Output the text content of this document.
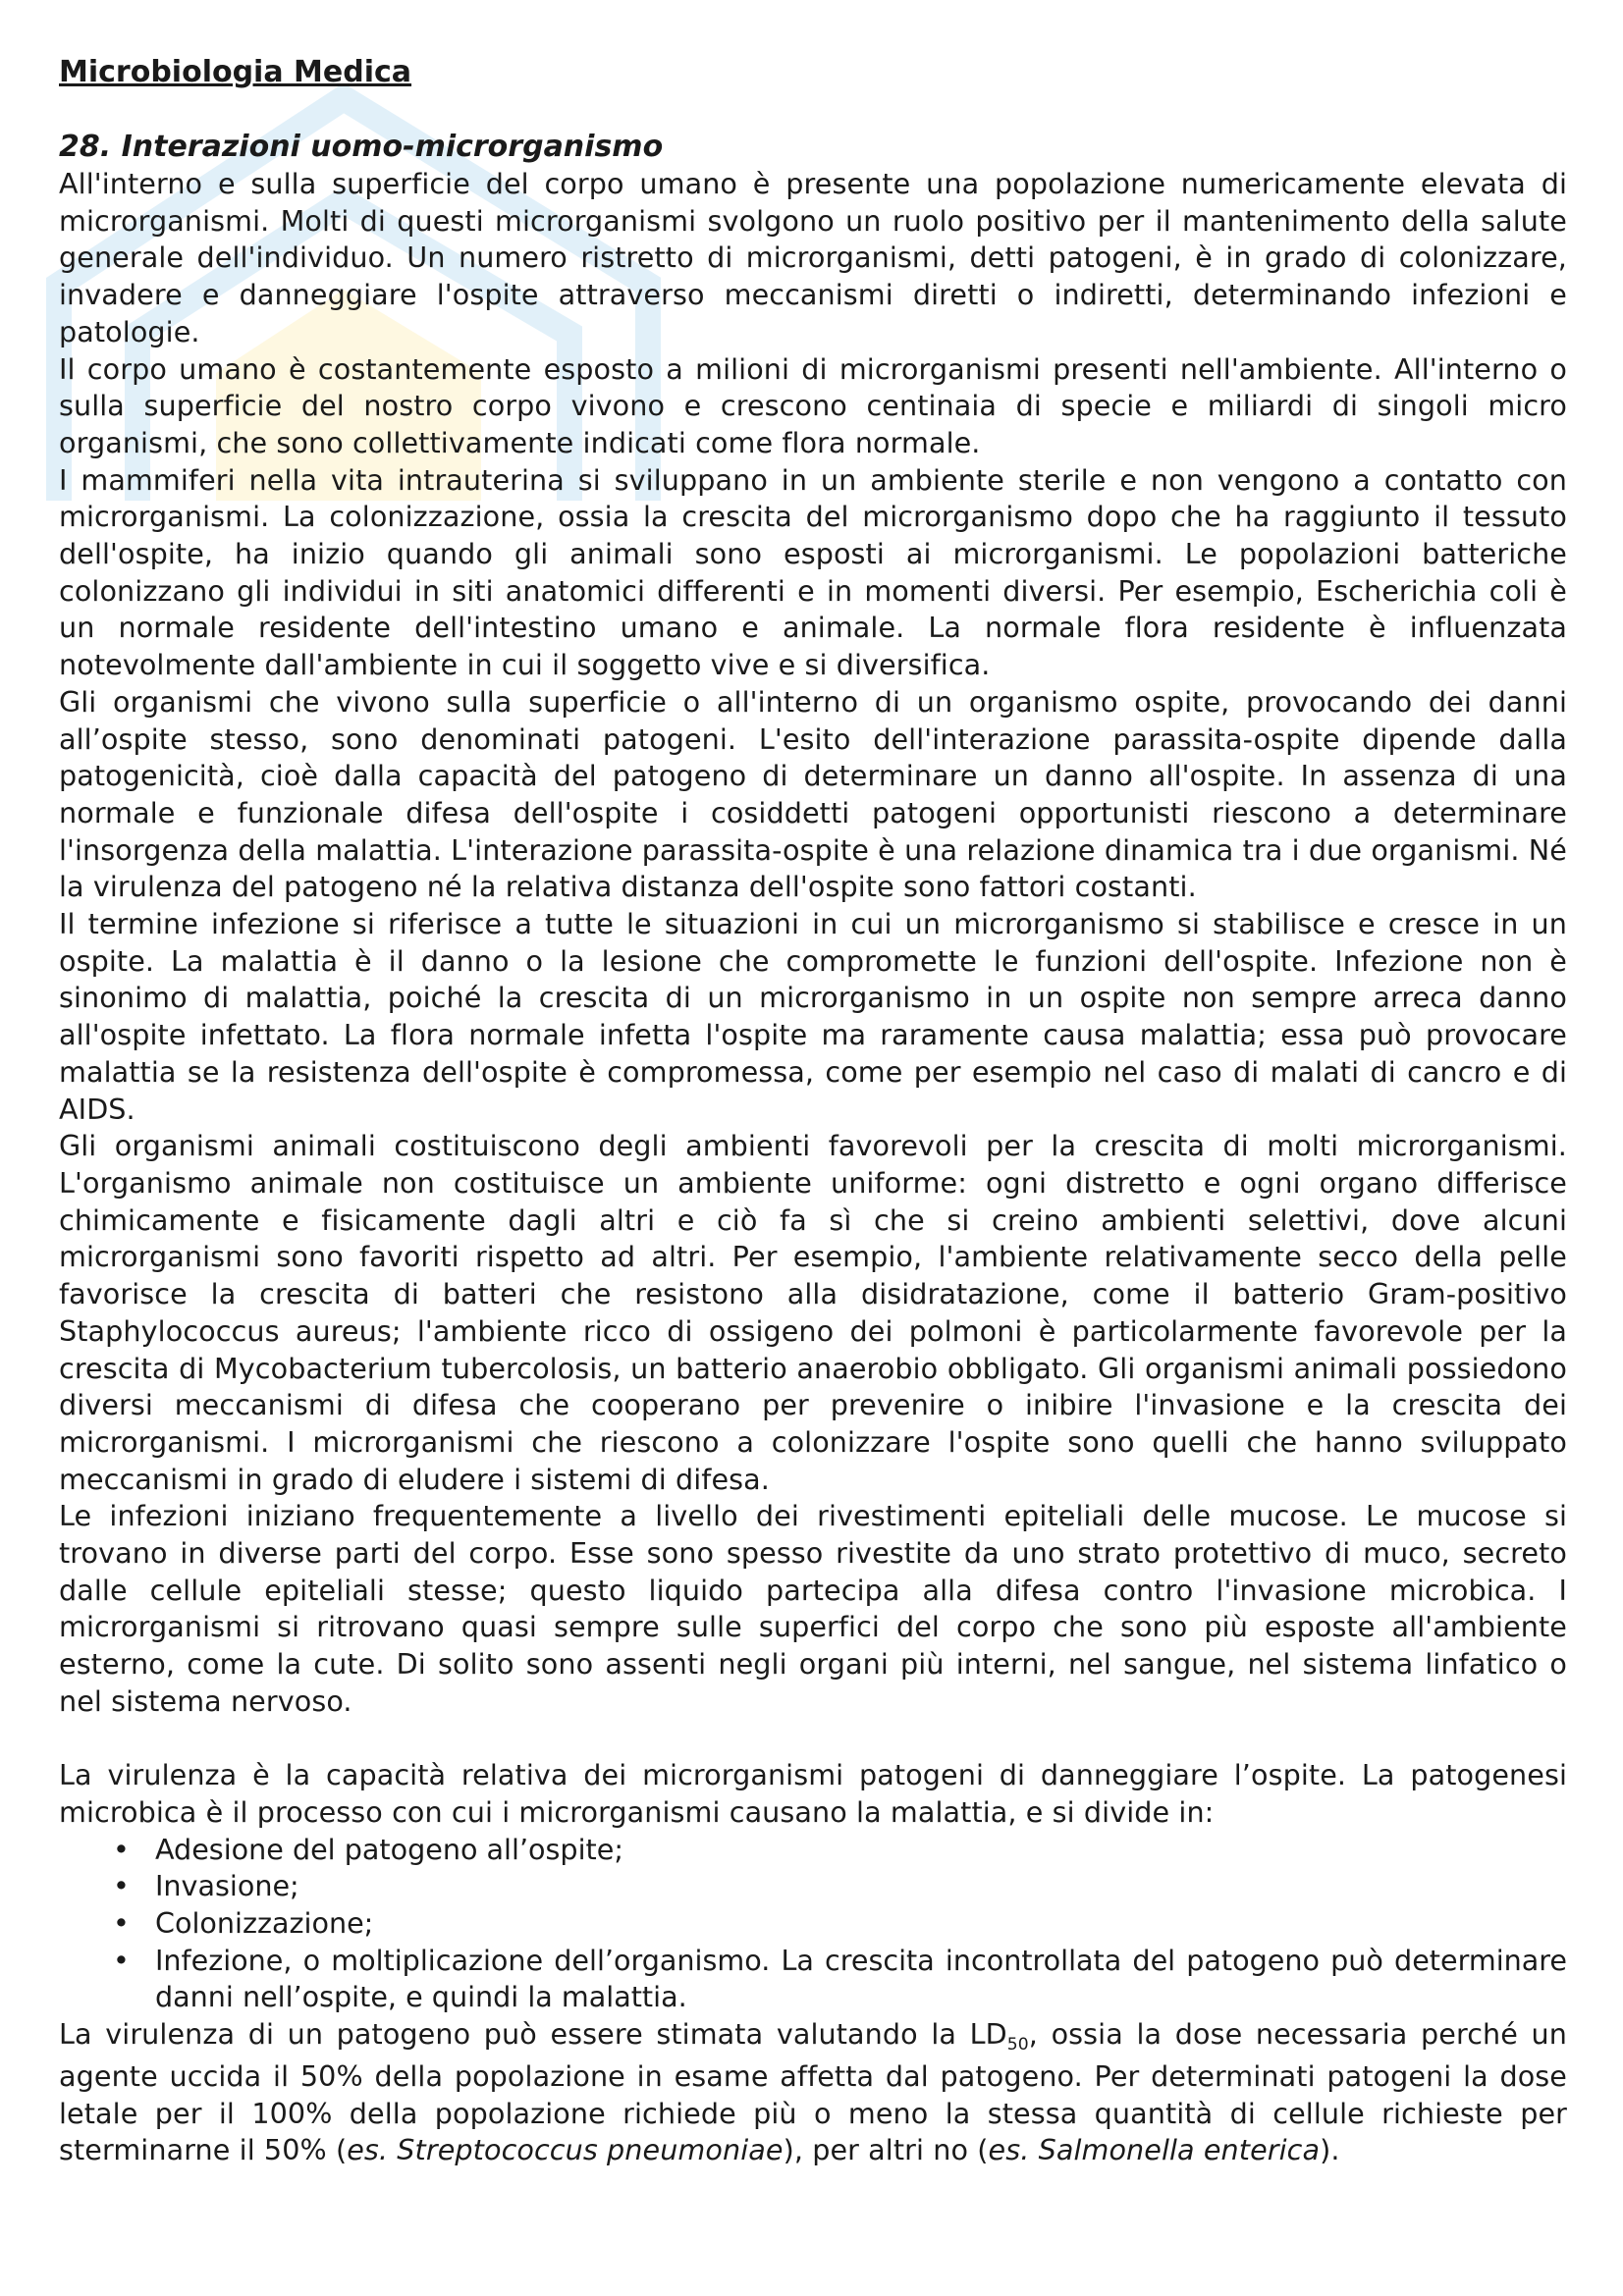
Microbiologia Medica
28. Interazioni uomo-microrganismo

All'interno e sulla superficie del corpo umano è presente una popolazione numericamente elevata di microrganismi. Molti di questi microrganismi svolgono un ruolo positivo per il mantenimento della salute generale dell'individuo. Un numero ristretto di microrganismi, detti patogeni, è in grado di colonizzare, invadere e danneggiare l'ospite attraverso meccanismi diretti o indiretti, determinando infezioni e patologie.

Il corpo umano è costantemente esposto a milioni di microrganismi presenti nell'ambiente. All'interno o sulla superficie del nostro corpo vivono e crescono centinaia di specie e miliardi di singoli micro organismi, che sono collettivamente indicati come flora normale.

I mammiferi nella vita intrauterina si sviluppano in un ambiente sterile e non vengono a contatto con microrganismi. La colonizzazione, ossia la crescita del microrganismo dopo che ha raggiunto il tessuto dell'ospite, ha inizio quando gli animali sono esposti ai microrganismi. Le popolazioni batteriche colonizzano gli individui in siti anatomici differenti e in momenti diversi. Per esempio, Escherichia coli è un normale residente dell'intestino umano e animale. La normale flora residente è influenzata notevolmente dall'ambiente in cui il soggetto vive e si diversifica.

Gli organismi che vivono sulla superficie o all'interno di un organismo ospite, provocando dei danni all’ospite stesso, sono denominati patogeni. L'esito dell'interazione parassita-ospite dipende dalla patogenicità, cioè dalla capacità del patogeno di determinare un danno all'ospite. In assenza di una normale e funzionale difesa dell'ospite i cosiddetti patogeni opportunisti riescono a determinare l'insorgenza della malattia. L'interazione parassita-ospite è una relazione dinamica tra i due organismi. Né la virulenza del patogeno né la relativa distanza dell'ospite sono fattori costanti.

Il termine infezione si riferisce a tutte le situazioni in cui un microrganismo si stabilisce e cresce in un ospite. La malattia è il danno o la lesione che compromette le funzioni dell'ospite. Infezione non è sinonimo di malattia, poiché la crescita di un microrganismo in un ospite non sempre arreca danno all'ospite infettato. La flora normale infetta l'ospite ma raramente causa malattia; essa può provocare malattia se la resistenza dell'ospite è compromessa, come per esempio nel caso di malati di cancro e di AIDS.

Gli organismi animali costituiscono degli ambienti favorevoli per la crescita di molti microrganismi. L'organismo animale non costituisce un ambiente uniforme: ogni distretto e ogni organo differisce chimicamente e fisicamente dagli altri e ciò fa sì che si creino ambienti selettivi, dove alcuni microrganismi sono favoriti rispetto ad altri. Per esempio, l'ambiente relativamente secco della pelle favorisce la crescita di batteri che resistono alla disidratazione, come il batterio Gram-positivo Staphylococcus aureus; l'ambiente ricco di ossigeno dei polmoni è particolarmente favorevole per la crescita di Mycobacterium tubercolosis, un batterio anaerobio obbligato. Gli organismi animali possiedono diversi meccanismi di difesa che cooperano per prevenire o inibire l'invasione e la crescita dei microrganismi. I microrganismi che riescono a colonizzare l'ospite sono quelli che hanno sviluppato meccanismi in grado di eludere i sistemi di difesa.

Le infezioni iniziano frequentemente a livello dei rivestimenti epiteliali delle mucose. Le mucose si trovano in diverse parti del corpo. Esse sono spesso rivestite da uno strato protettivo di muco, secreto dalle cellule epiteliali stesse; questo liquido partecipa alla difesa contro l'invasione microbica. I microrganismi si ritrovano quasi sempre sulle superfici del corpo che sono più esposte all'ambiente esterno, come la cute. Di solito sono assenti negli organi più interni, nel sangue, nel sistema linfatico o nel sistema nervoso.

La virulenza è la capacità relativa dei microrganismi patogeni di danneggiare l’ospite. La patogenesi microbica è il processo con cui i microrganismi causano la malattia, e si divide in:

• Adesione del patogeno all’ospite;
• Invasione;
• Colonizzazione;
• Infezione, o moltiplicazione dell’organismo. La crescita incontrollata del patogeno può determinare danni nell’ospite, e quindi la malattia.

La virulenza di un patogeno può essere stimata valutando la $LD_{50}$, ossia la dose necessaria perché un agente uccida il 50% della popolazione in esame affetta dal patogeno. Per determinati patogeni la dose letale per il 100% della popolazione richiede più o meno la stessa quantità di cellule richieste per sterminarne il 50% (es. Streptococcus pneumoniae), per altri no (es. Salmonella enterica).
